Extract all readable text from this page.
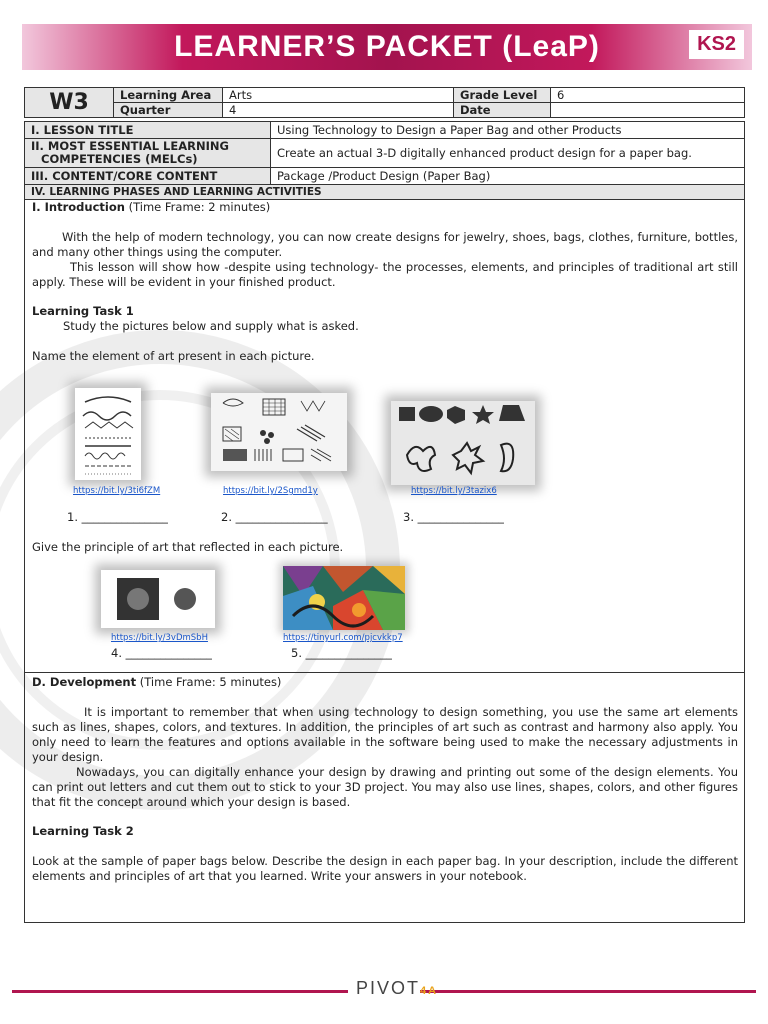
LEARNER’S PACKET (LeaP)	KS2
W3	Learning Area	Arts	Grade Level	6
	Quarter	4	Date	
I. LESSON TITLE	Using Technology to Design a Paper Bag and other Products
II. MOST ESSENTIAL LEARNING
COMPETENCIES (MELCs)	Create an actual 3-D digitally enhanced product design for a paper bag.
III. CONTENT/CORE CONTENT	Package /Product Design (Paper Bag)
IV. LEARNING PHASES AND LEARNING ACTIVITIES	
I. Introduction (Time Frame: 2 minutes)
With the help of modern technology, you can now create designs for jewelry, shoes, bags, clothes, furniture, bottles, and many other things using the computer.
This lesson will show how -despite using technology- the processes, elements, and principles of traditional art still apply. These will be evident in your finished product.
Learning Task 1
Study the pictures below and supply what is asked.
Name the element of art present in each picture.
https://bit.ly/3ti6fZM	https://bit.ly/2Sgmd1y	https://bit.ly/3tazix6
1. _______________	2. ________________	3. _______________
Give the principle of art that reflected in each picture.
https://bit.ly/3vDmSbH	https://tinyurl.com/pjcvkkp7
4. _______________	5. _______________
D. Development (Time Frame: 5 minutes)
It is important to remember that when using technology to design something, you use the same art elements such as lines, shapes, colors, and textures. In addition, the principles of art such as contrast and harmony also apply. You only need to learn the features and options available in the software being used to make the necessary adjustments in your design.
Nowadays, you can digitally enhance your design by drawing and printing out some of the design elements. You can print out letters and cut them out to stick to your 3D project. You may also use lines, shapes, colors, and other figures that fit the concept around which your design is based.
Learning Task 2
Look at the sample of paper bags below. Describe the design in each paper bag. In your description, include the different elements and principles of art that you learned. Write your answers in your notebook.
PIVOT4A
